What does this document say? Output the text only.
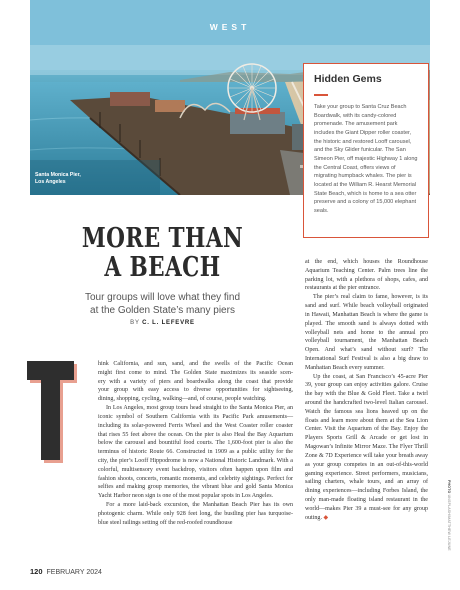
WEST
Santa Monica Pier,
Los Angeles
Hidden Gems

Take your group to Santa Cruz Beach Boardwalk, with its candy-colored promenade. The amusement park includes the Giant Dipper roller coaster, the historic and restored Looff carousel, and the Sky Glider funicular. The San Simeon Pier, off majestic Highway 1 along the Central Coast, offers views of migrating humpback whales. The pier is located at the William R. Hearst Memorial State Beach, which is home to a sea otter preserve and a colony of 15,000 elephant seals.

MORE THAN
A BEACH
Tour groups will love what they find
at the Golden State’s many piers
BY C. L. LEFEVRE
hink California, and sun, sand, and the swells of the Pacific Ocean
might first come to mind. The Golden State maximizes its seaside scen-
ery with a variety of piers and boardwalks along the coast that provide
your group with easy access to diverse opportunities for sightseeing,
dining, shopping, cycling, walking—and, of course, people watching.

In Los Angeles, most group tours head straight to the Santa Monica Pier, an iconic symbol of Southern California with its Pacific Park amusements—including its solar-powered Ferris Wheel and the West Coaster roller coaster that rises 55 feet above the ocean. On the pier is also Heal the Bay Aquarium below the carousel and bountiful food courts. The 1,600-foot pier is also the terminus of historic Route 66. Constructed in 1909 as a public utility for the city, the pier’s Looff Hippodrome is now a National Historic Landmark. With a colorful, multisensory event backdrop, visitors often happen upon film and fashion shoots, concerts, romantic moments, and celebrity sightings. Perfect for selfies and making group memories, the vibrant blue and gold Santa Monica Yacht Harbor neon sign is one of the most popular spots in Los Angeles.

For a more laid-back excursion, the Manhattan Beach Pier has its own photogenic charm. While only 928 feet long, the bustling pier has turquoise-blue steel railings setting off the red-roofed roundhouse

at the end, which houses the Roundhouse Aquarium Teaching Center. Palm trees line the parking lot, with a plethora of shops, cafes, and restaurants at the pier entrance.

The pier’s real claim to fame, however, is its sand and surf. While beach volleyball originated in Hawaii, Manhattan Beach is where the game is played. The smooth sand is always dotted with volleyball nets and home to the annual pro volleyball tournament, the Manhattan Beach Open. And what’s sand without surf? The International Surf Festival is also a big draw to Manhattan Beach every summer.

Up the coast, at San Francisco’s 45-acre Pier 39, your group can enjoy activities galore. Cruise the bay with the Blue & Gold Fleet. Take a twirl around the handcrafted two-level Italian carousel. Watch the famous sea lions heaved up on the floats and learn more about them at the Sea Lion Center. Visit the Aquarium of the Bay. Enjoy the Players Sports Grill & Arcade or get lost in Magowan’s Infinite Mirror Maze. The Flyer Thrill Zone & 7D Experience will take your breath away as your group competes in an out-of-this-world gaming experience. Street performers, musicians, sailing charters, whale tours, and an array of dining experiences—including Forbes Island, the only man-made floating island restaurant in the world—makes Pier 39 a must-see for any group outing. ◆

120 FEBRUARY 2024
PHOTO UNSPLASH/MATTHEW LEJUNE
